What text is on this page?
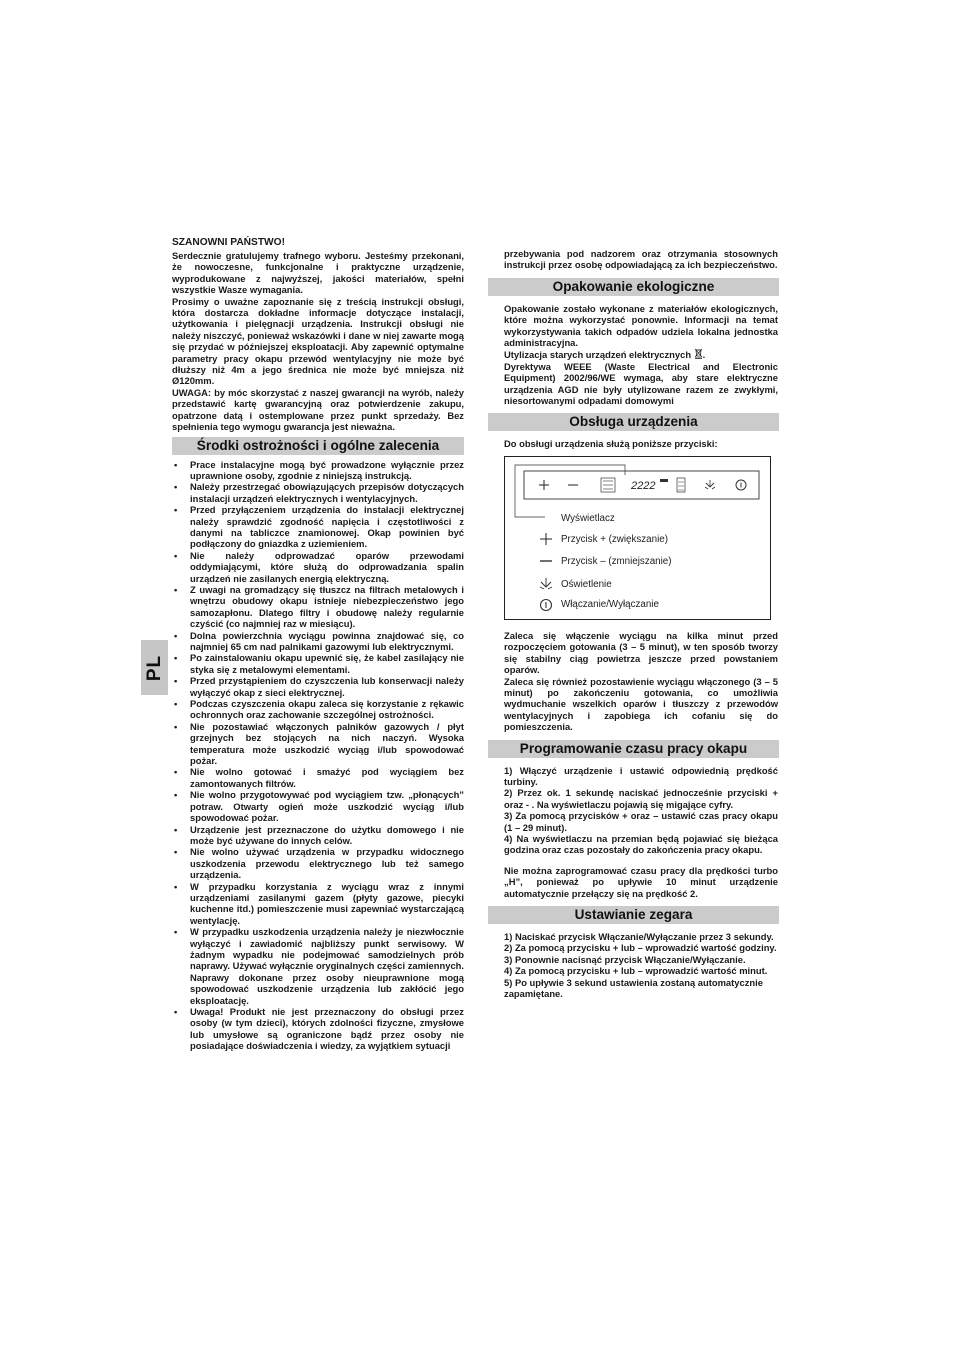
PL
SZANOWNI PAŃSTWO!

Serdecznie gratulujemy trafnego wyboru. Jesteśmy przekonani, że nowoczesne, funkcjonalne i praktyczne urządzenie, wyprodukowane z najwyższej, jakości materiałów, spełni wszystkie Wasze wymagania.

Prosimy o uważne zapoznanie się z treścią instrukcji obsługi, która dostarcza dokładne informacje dotyczące instalacji, użytkowania i pielęgnacji urządzenia. Instrukcji obsługi nie należy niszczyć, ponieważ wskazówki i dane w niej zawarte mogą się przydać w późniejszej eksploatacji. Aby zapewnić optymalne parametry pracy okapu przewód wentylacyjny nie może być dłuższy niż 4m a jego średnica nie może być mniejsza niż Ø120mm.

UWAGA: by móc skorzystać z naszej gwarancji na wyrób, należy przedstawić kartę gwarancyjną oraz potwierdzenie zakupu, opatrzone datą i ostemplowane przez punkt sprzedaży. Bez spełnienia tego wymogu gwarancja jest nieważna.

Środki ostrożności i ogólne zalecenia
• Prace instalacyjne mogą być prowadzone wyłącznie przez uprawnione osoby, zgodnie z niniejszą instrukcją.
• Należy przestrzegać obowiązujących przepisów dotyczących instalacji urządzeń elektrycznych i wentylacyjnych.
• Przed przyłączeniem urządzenia do instalacji elektrycznej należy sprawdzić zgodność napięcia i częstotliwości z danymi na tabliczce znamionowej. Okap powinien być podłączony do gniazdka z uziemieniem.
• Nie należy odprowadzać oparów przewodami oddymiającymi, które służą do odprowadzania spalin urządzeń nie zasilanych energią elektryczną.
• Z uwagi na gromadzący się tłuszcz na filtrach metalowych i wnętrzu obudowy okapu istnieje niebezpieczeństwo jego samozapłonu. Dlatego filtry i obudowę należy regularnie czyścić (co najmniej raz w miesiącu).
• Dolna powierzchnia wyciągu powinna znajdować się, co najmniej 65 cm nad palnikami gazowymi lub elektrycznymi.
• Po zainstalowaniu okapu upewnić się, że kabel zasilający nie styka się z metalowymi elementami.
• Przed przystąpieniem do czyszczenia lub konserwacji należy wyłączyć okap z sieci elektrycznej.
• Podczas czyszczenia okapu zaleca się korzystanie z rękawic ochronnych oraz zachowanie szczególnej ostrożności.
• Nie pozostawiać włączonych palników gazowych / płyt grzejnych bez stojących na nich naczyń. Wysoka temperatura może uszkodzić wyciąg i/lub spowodować pożar.
• Nie wolno gotować i smażyć pod wyciągiem bez zamontowanych filtrów.
• Nie wolno przygotowywać pod wyciągiem tzw. „płonących” potraw. Otwarty ogień może uszkodzić wyciąg i/lub spowodować pożar.
• Urządzenie jest przeznaczone do użytku domowego i nie może być używane do innych celów.
• Nie wolno używać urządzenia w przypadku widocznego uszkodzenia przewodu elektrycznego lub też samego urządzenia.
• W przypadku korzystania z wyciągu wraz z innymi urządzeniami zasilanymi gazem (płyty gazowe, piecyki kuchenne itd.) pomieszczenie musi zapewniać wystarczającą wentylację.
• W przypadku uszkodzenia urządzenia należy je niezwłocznie wyłączyć i zawiadomić najbliższy punkt serwisowy. W żadnym wypadku nie podejmować samodzielnych prób naprawy. Używać wyłącznie oryginalnych części zamiennych. Naprawy dokonane przez osoby nieuprawnione mogą spowodować uszkodzenie urządzenia lub zakłócić jego eksploatację.
• Uwaga! Produkt nie jest przeznaczony do obsługi przez osoby (w tym dzieci), których zdolności fizyczne, zmysłowe lub umysłowe są ograniczone bądź przez osoby nie posiadające doświadczenia i wiedzy, za wyjątkiem sytuacji

przebywania pod nadzorem oraz otrzymania stosownych instrukcji przez osobę odpowiadającą za ich bezpieczeństwo.

Opakowanie ekologiczne

Opakowanie zostało wykonane z materiałów ekologicznych, które można wykorzystać ponownie. Informacji na temat wykorzystywania takich odpadów udziela lokalna jednostka administracyjna.

Utylizacja starych urządzeń elektrycznych .

Dyrektywa WEEE (Waste Electrical and Electronic Equipment) 2002/96/WE wymaga, aby stare elektryczne urządzenia AGD nie były utylizowane razem ze zwykłymi, niesortowanymi odpadami domowymi

Obsługa urządzenia

Do obsługi urządzenia służą poniższe przyciski:

2222
Wyświetlacz
Przycisk + (zwiększanie)
Przycisk – (zmniejszanie)
Oświetlenie
Włączanie/Wyłączanie

Zaleca się włączenie wyciągu na kilka minut przed rozpoczęciem gotowania (3 – 5 minut), w ten sposób tworzy się stabilny ciąg powietrza jeszcze przed powstaniem oparów.

Zaleca się również pozostawienie wyciągu włączonego (3 – 5 minut) po zakończeniu gotowania, co umożliwia wydmuchanie wszelkich oparów i tłuszczy z przewodów wentylacyjnych i zapobiega ich cofaniu się do pomieszczenia.

Programowanie czasu pracy okapu

1) Włączyć urządzenie i ustawić odpowiednią prędkość turbiny.

2) Przez ok. 1 sekundę naciskać jednocześnie przyciski + oraz - . Na wyświetlaczu pojawią się migające cyfry.

3) Za pomocą przycisków + oraz – ustawić czas pracy okapu (1 – 29 minut).

4) Na wyświetlaczu na przemian będą pojawiać się bieżąca godzina oraz czas pozostały do zakończenia pracy okapu.

Nie można zaprogramować czasu pracy dla prędkości turbo „H”, ponieważ po upływie 10 minut urządzenie automatycznie przełączy się na prędkość 2.

Ustawianie zegara

1) Naciskać przycisk Włączanie/Wyłączanie przez 3 sekundy.

2) Za pomocą przycisku + lub – wprowadzić wartość godziny.

3) Ponownie nacisnąć przycisk Włączanie/Wyłączanie.

4) Za pomocą przycisku + lub – wprowadzić wartość minut.

5) Po upływie 3 sekund ustawienia zostaną automatycznie zapamiętane.
